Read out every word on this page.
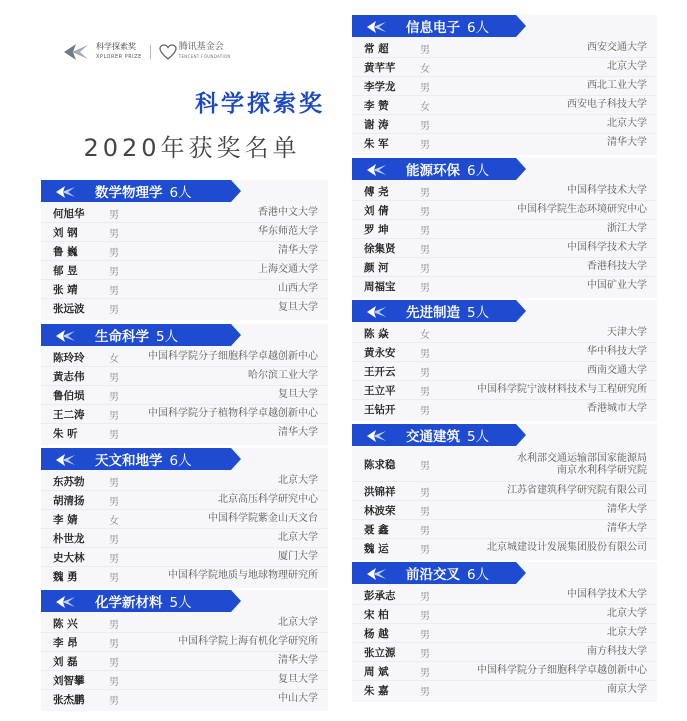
科学探索奖
XPLORER PRIZE
腾讯基金会
TENCENT FOUNDATION
科学探索奖
2020年获奖名单
数学物理学 6人
何旭华	男	香港中文大学
刘 钢	男	华东师范大学
鲁 巍	男	清华大学
郁 昱	男	上海交通大学
张 靖	男	山西大学
张远波	男	复旦大学
生命科学 5人
陈玲玲	女	中国科学院分子细胞科学卓越创新中心
黄志伟	男	哈尔滨工业大学
鲁伯埙	男	复旦大学
王二涛	男	中国科学院分子植物科学卓越创新中心
朱 听	男	清华大学
天文和地学 6人
东苏勃	男	北京大学
胡清扬	男	北京高压科学研究中心
李 婧	女	中国科学院紫金山天文台
朴世龙	男	北京大学
史大林	男	厦门大学
魏 勇	男	中国科学院地质与地球物理研究所
化学新材料 5人
陈 兴	男	北京大学
李 昂	男	中国科学院上海有机化学研究所
刘 磊	男	清华大学
刘智攀	男	复旦大学
张杰鹏	男	中山大学
信息电子 6人
常 超	男	西安交通大学
黄芊芊	女	北京大学
李学龙	男	西北工业大学
李 赞	女	西安电子科技大学
谢 涛	男	北京大学
朱 军	男	清华大学
能源环保 6人
傅 尧	男	中国科学技术大学
刘 倩	男	中国科学院生态环境研究中心
罗 坤	男	浙江大学
徐集贤	男	中国科学技术大学
颜 河	男	香港科技大学
周福宝	男	中国矿业大学
先进制造 5人
陈 焱	女	天津大学
黄永安	男	华中科技大学
王开云	男	西南交通大学
王立平	男	中国科学院宁波材料技术与工程研究所
王钻开	男	香港城市大学
交通建筑 5人
陈求稳	男
水利部交通运输部国家能源局
南京水利科学研究院
洪锦祥	男	江苏省建筑科学研究院有限公司
林波荣	男	清华大学
聂 鑫	男	清华大学
魏 运	男	北京城建设计发展集团股份有限公司
前沿交叉 6人
彭承志	男	中国科学技术大学
宋 柏	男	北京大学
杨 越	男	北京大学
张立源	男	南方科技大学
周 斌	男	中国科学院分子细胞科学卓越创新中心
朱 嘉	男	南京大学
